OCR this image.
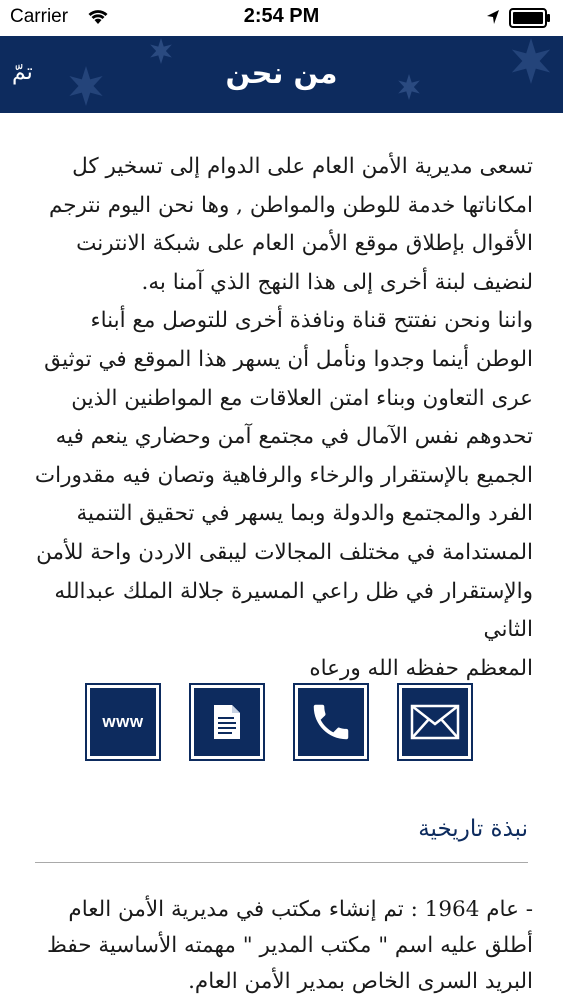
Carrier	2:54 PM
تمّ	من نحن
تسعى مديرية الأمن العام على الدوام إلى تسخير كل
امكاناتها خدمة للوطن والمواطن , وها نحن اليوم نترجم
الأقوال بإطلاق موقع الأمن العام على شبكة الانترنت
لنضيف لبنة أخرى إلى هذا النهج الذي آمنا به.
واننا ونحن نفتتح قناة ونافذة أخرى للتوصل مع أبناء
الوطن أينما وجدوا ونأمل أن يسهر هذا الموقع في توثيق
عرى التعاون وبناء امتن العلاقات مع المواطنين الذين
تحدوهم نفس الآمال في مجتمع آمن وحضاري ينعم فيه
الجميع بالإستقرار والرخاء والرفاهية وتصان فيه مقدورات
الفرد والمجتمع والدولة وبما يسهر في تحقيق التنمية
المستدامة في مختلف المجالات ليبقى الاردن واحة للأمن
والإستقرار في ظل راعي المسيرة جلالة الملك عبدالله الثاني
المعظم حفظه الله ورعاه
www
نبذة تاريخية
- عام 1964 : تم إنشاء مكتب في مديرية الأمن العام
أطلق عليه اسم " مكتب المدير " مهمته الأساسية حفظ
البريد السرى الخاص بمدير الأمن العام.
